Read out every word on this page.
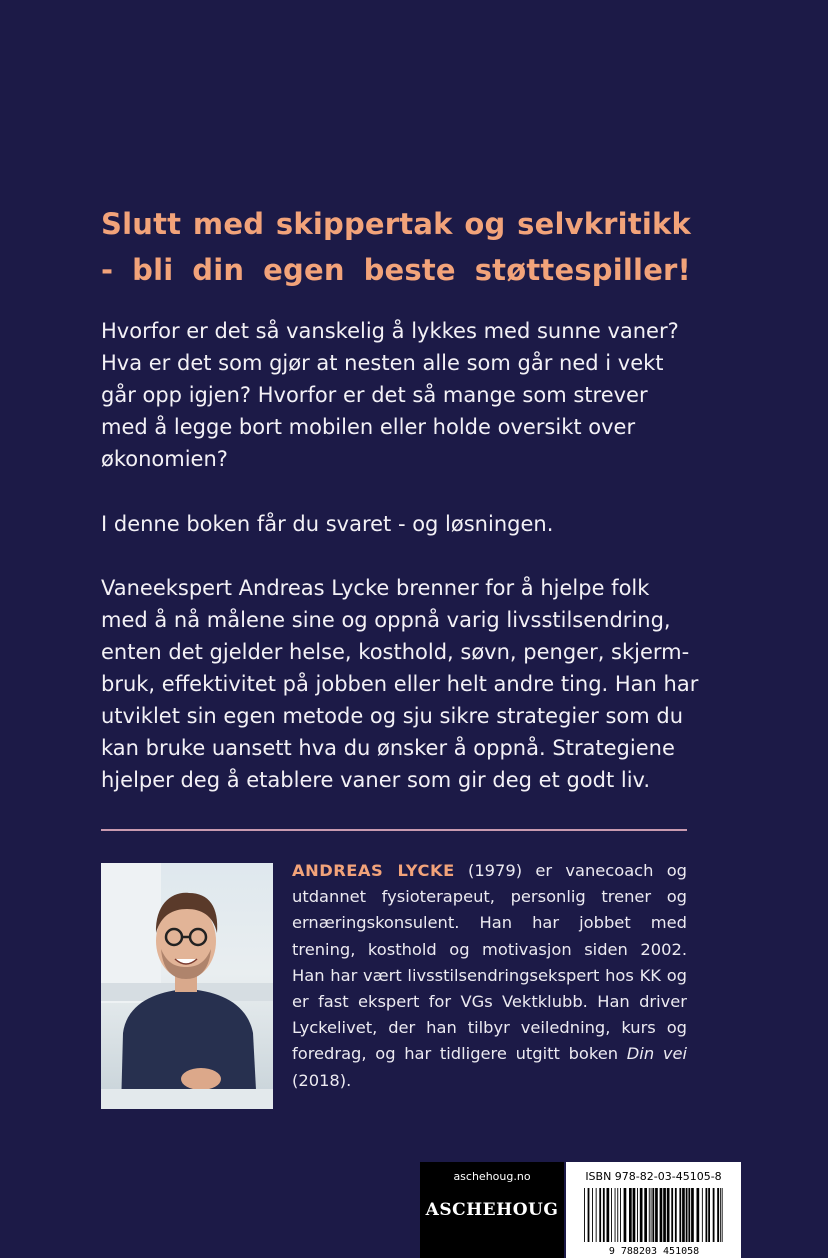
Slutt med skippertak og selvkritikk
- bli din egen beste støttespiller!
Hvorfor er det så vanskelig å lykkes med sunne vaner?
Hva er det som gjør at nesten alle som går ned i vekt
går opp igjen? Hvorfor er det så mange som strever
med å legge bort mobilen eller holde oversikt over
økonomien?
I denne boken får du svaret - og løsningen.
Vaneekspert Andreas Lycke brenner for å hjelpe folk
med å nå målene sine og oppnå varig livsstilsendring,
enten det gjelder helse, kosthold, søvn, penger, skjerm-
bruk, effektivitet på jobben eller helt andre ting. Han har
utviklet sin egen metode og sju sikre strategier som du
kan bruke uansett hva du ønsker å oppnå. Strategiene
hjelper deg å etablere vaner som gir deg et godt liv.
ANDREAS LYCKE (1979) er vanecoach og utdannet fysioterapeut, personlig trener og ernæringskonsulent. Han har jobbet med trening, kosthold og motivasjon siden 2002. Han har vært livsstilsendringsekspert hos KK og er fast ekspert for VGs Vektklubb. Han driver Lyckelivet, der han tilbyr veiledning, kurs og foredrag, og har tidligere utgitt boken Din vei (2018).
aschehoug.no
ASCHEHOUG
ISBN 978-82-03-45105-8
9 788203 451058
